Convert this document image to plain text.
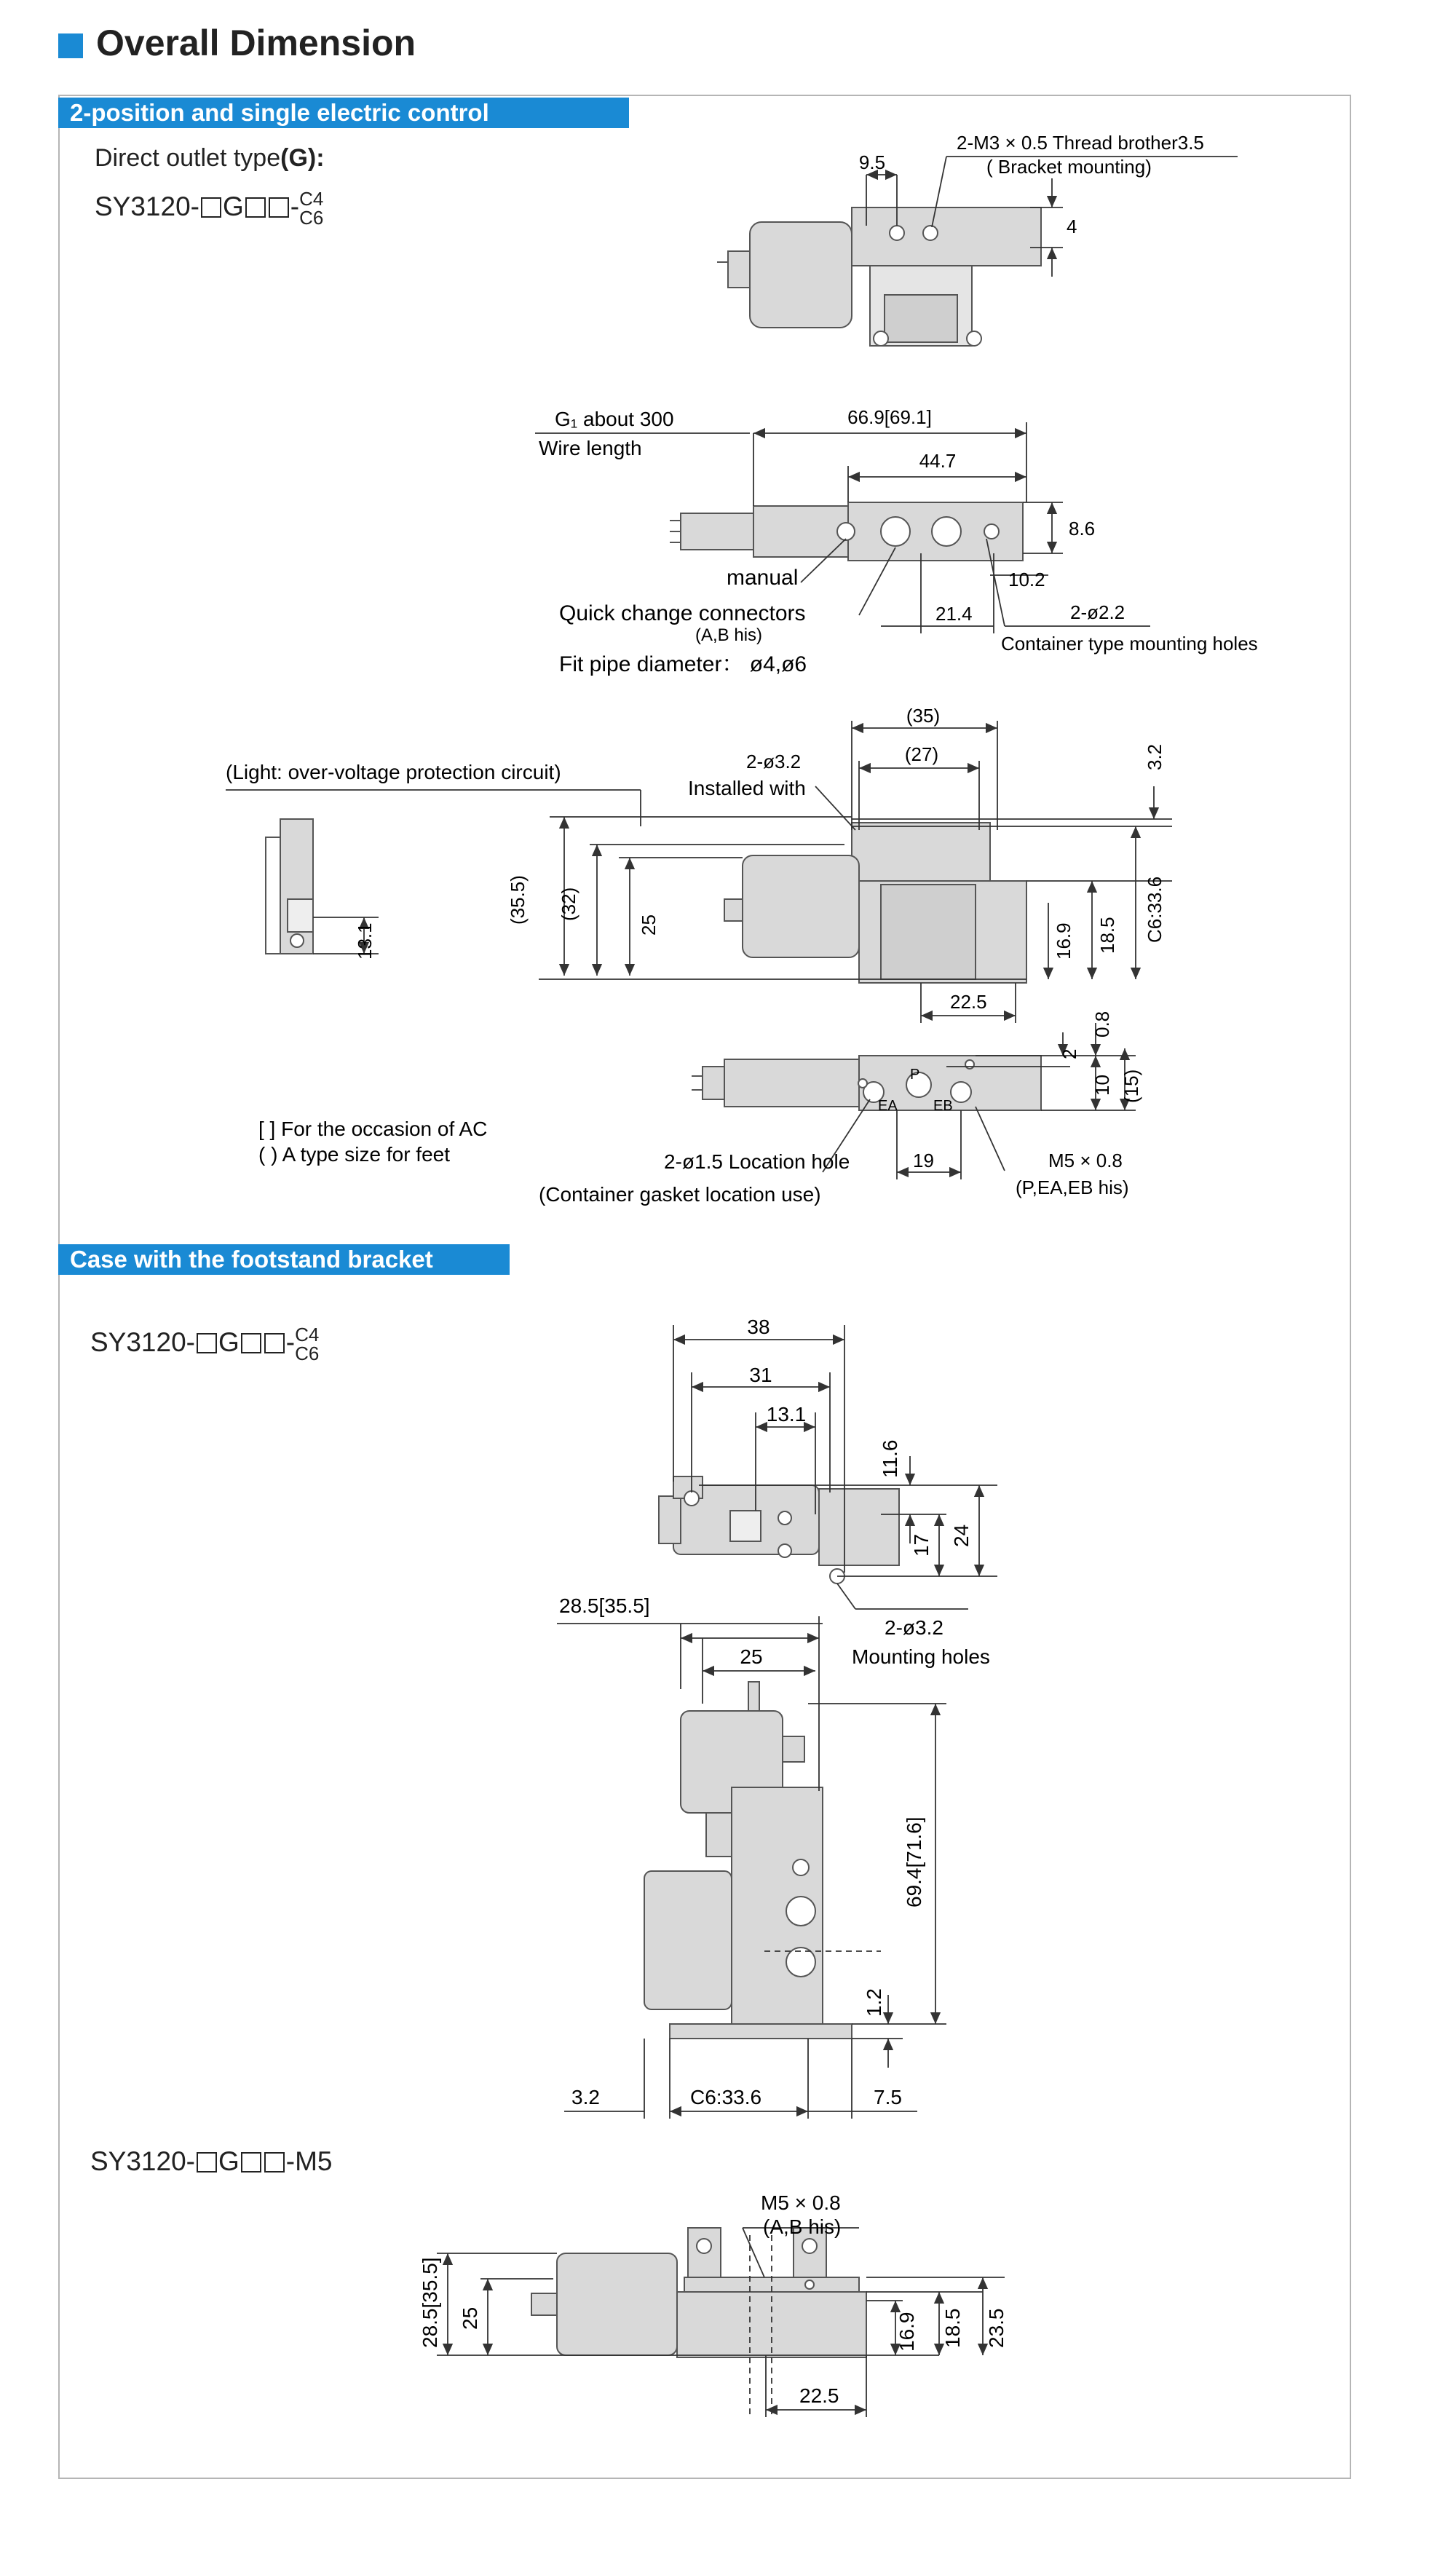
Overall Dimension
2-position and single electric control
Case with the footstand bracket
Direct outlet type(G):
SY3120- G -C4
C6
SY3120- G -C4
C6
SY3120- G -M5
9.5
2-M3 × 0.5 Thread brother3.5
( Bracket mounting)
4
G₁ about 300
Wire length
66.9[69.1]
44.7
8.6
manual
Quick change connectors
(A,B his)
Fit pipe diameter： ø4,ø6
10.2
21.4	2-ø2.2
Container type mounting holes
(Light: over-voltage protection circuit)
(35)
(27)
2-ø3.2
Installed with
3.2
(35.5) (32)
25	C6:33.6
16.9 18.5
22.5
13.1
P
EA EB
2
0.8
10 (15)
[ ] For the occasion of AC
( ) A type size for feet	2-ø1.5 Location hole
(Container gasket location use)
19	M5 × 0.8
(P,EA,EB his)
38
31
13.1
11.6
17 24
2-ø3.2
Mounting holes
28.5[35.5]
25
69.4[71.6]
1.2
3.2	C6:33.6	7.5
M5 × 0.8
(A,B his)
28.5[35.5] 25	16.9 18.5 23.5
22.5
